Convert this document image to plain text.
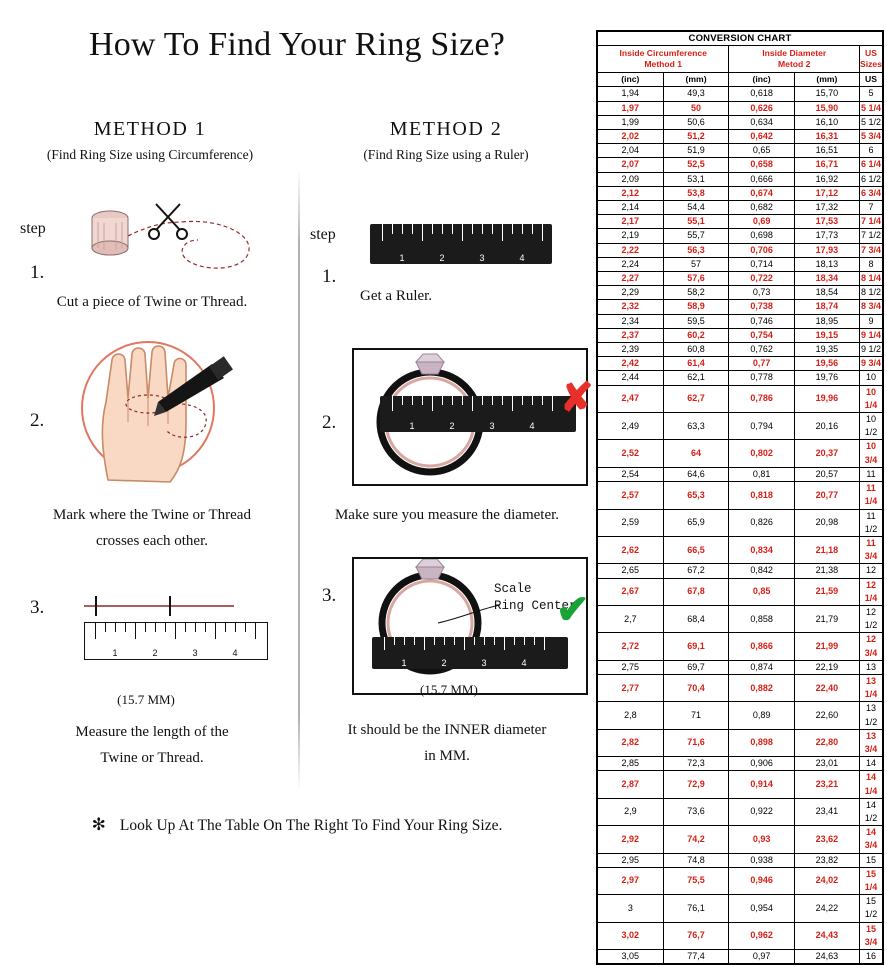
How To Find Your Ring Size?
METHOD 1
(Find Ring Size using Circumference)
step
1.
Cut a piece of Twine or Thread.
2.
Mark where the Twine or Thread
crosses each other.
3.
1	2	3	4
(15.7 MM)
Measure the length of the
Twine or Thread.
METHOD 2
(Find Ring Size using a Ruler)
step
1.
1	2	3	4
Get a Ruler.
2.	1	2	3	4
✘
Make sure you measure the diameter.
3.	Scale
Ring Center
1	2	3	4
✔
(15.7 MM)
It should be the INNER diameter
in MM.
✻ Look Up At The Table On The Right To Find Your Ring Size.
CONVERSION CHART				

Inside Circumference
Method 1

Inside Diameter
Metod 2
	US Sizes
(inc)	(mm)	(inc)	(mm)	US
1,94	49,3	0,618	15,70	5
1,97	50	0,626	15,90	5 1/4
1,99	50,6	0,634	16,10	5 1/2
2,02	51,2	0,642	16,31	5 3/4
2,04	51,9	0,65	16,51	6
2,07	52,5	0,658	16,71	6 1/4
2,09	53,1	0,666	16,92	6 1/2
2,12	53,8	0,674	17,12	6 3/4
2,14	54,4	0,682	17,32	7
2,17	55,1	0,69	17,53	7 1/4
2,19	55,7	0,698	17,73	7 1/2
2,22	56,3	0,706	17,93	7 3/4
2,24	57	0,714	18,13	8
2,27	57,6	0,722	18,34	8 1/4
2,29	58,2	0,73	18,54	8 1/2
2,32	58,9	0,738	18,74	8 3/4
2,34	59,5	0,746	18,95	9
2,37	60,2	0,754	19,15	9 1/4
2,39	60,8	0,762	19,35	9 1/2
2,42	61,4	0,77	19,56	9 3/4
2,44	62,1	0,778	19,76	10
2,47	62,7	0,786	19,96	10 1/4
2,49	63,3	0,794	20,16	10 1/2
2,52	64	0,802	20,37	10 3/4
2,54	64,6	0,81	20,57	11
2,57	65,3	0,818	20,77	11 1/4
2,59	65,9	0,826	20,98	11 1/2
2,62	66,5	0,834	21,18	11 3/4
2,65	67,2	0,842	21,38	12
2,67	67,8	0,85	21,59	12 1/4
2,7	68,4	0,858	21,79	12 1/2
2,72	69,1	0,866	21,99	12 3/4
2,75	69,7	0,874	22,19	13
2,77	70,4	0,882	22,40	13 1/4
2,8	71	0,89	22,60	13 1/2
2,82	71,6	0,898	22,80	13 3/4
2,85	72,3	0,906	23,01	14
2,87	72,9	0,914	23,21	14 1/4
2,9	73,6	0,922	23,41	14 1/2
2,92	74,2	0,93	23,62	14 3/4
2,95	74,8	0,938	23,82	15
2,97	75,5	0,946	24,02	15 1/4
3	76,1	0,954	24,22	15 1/2
3,02	76,7	0,962	24,43	15 3/4
3,05	77,4	0,97	24,63	16
